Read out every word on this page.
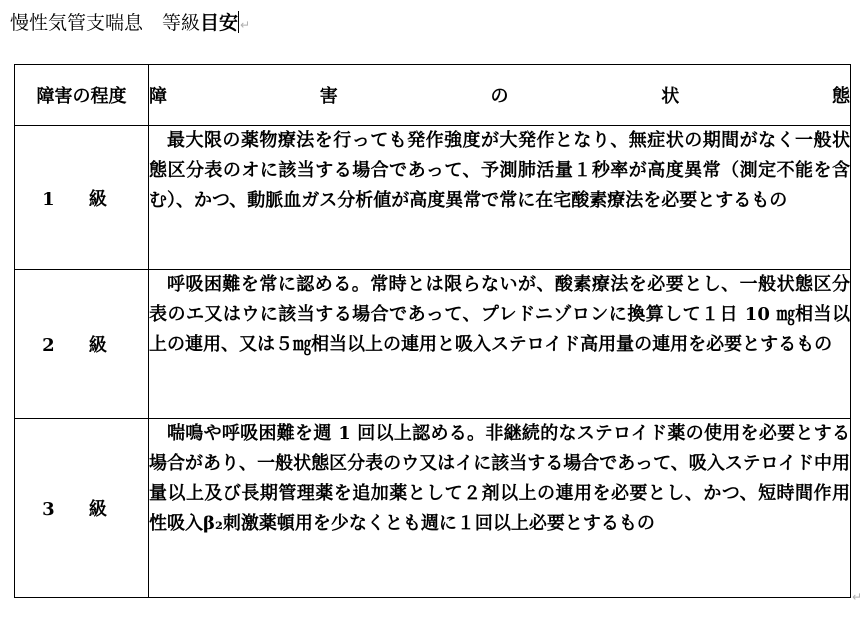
慢性気管支喘息　等級目安 ↵
障害の程度	障 害 の 状 態

1 級	最大限の薬物療法を行っても発作強度が大発作となり、無症状の期間がなく一般状態区分表のオに該当する場合であって、予測肺活量１秒率が高度異常（測定不能を含む）、かつ、動脈血ガス分析値が高度異常で常に在宅酸素療法を必要とするもの
2 級	呼吸困難を常に認める。常時とは限らないが、酸素療法を必要とし、一般状態区分表のエ又はウに該当する場合であって、プレドニゾロンに換算して１日 10 ㎎相当以上の連用、又は５㎎相当以上の連用と吸入ステロイド高用量の連用を必要とするもの
3 級	喘鳴や呼吸困難を週 1 回以上認める。非継続的なステロイド薬の使用を必要とする場合があり、一般状態区分表のウ又はイに該当する場合であって、吸入ステロイド中用量以上及び長期管理薬を追加薬として２剤以上の連用を必要とし、かつ、短時間作用性吸入β₂刺激薬頓用を少なくとも週に１回以上必要とするもの
↵
